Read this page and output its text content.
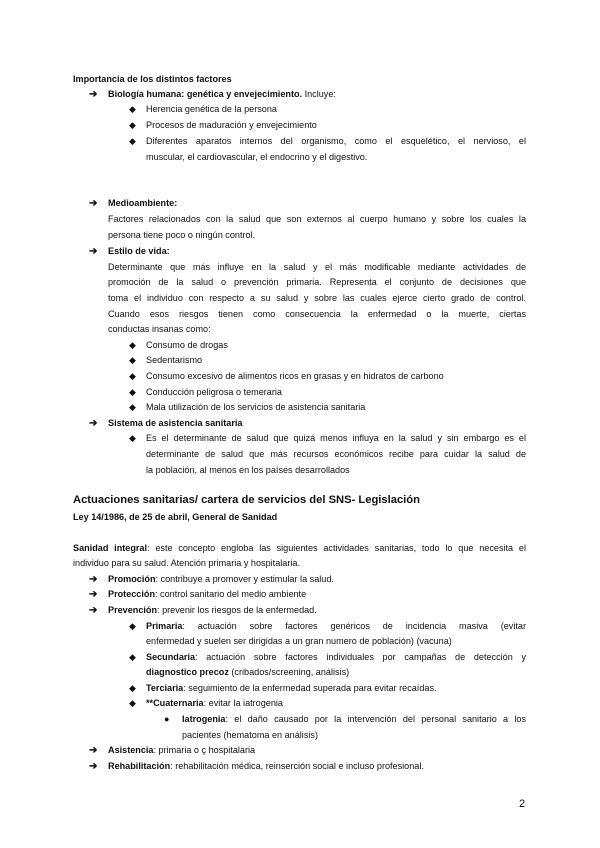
Importancia de los distintos factores
➔ Biología humana: genética y envejecimiento. Incluye:
◆ Herencia genética de la persona
◆ Procesos de maduración y envejecimiento
◆ Diferentes aparatos internos del organismo, como el esquelético, el nervioso, el
muscular, el cardiovascular, el endocrino y el digestivo.
➔ Medioambiente:
Factores relacionados con la salud que son externos al cuerpo humano y sobre los cuales la
persona tiene poco o ningún control.
➔ Estilo de vida:
Determinante que más influye en la salud y el más modificable mediante actividades de
promoción de la salud o prevención primaria. Representa el conjunto de decisiones que
toma el individuo con respecto a su salud y sobre las cuales ejerce cierto grado de control.
Cuando esos riesgos tienen como consecuencia la enfermedad o la muerte, ciertas
conductas insanas como:
◆ Consumo de drogas
◆ Sedentarismo
◆ Consumo excesivo de alimentos ricos en grasas y en hidratos de carbono
◆ Conducción peligrosa o temeraria
◆ Mala utilización de los servicios de asistencia sanitaria
➔ Sistema de asistencia sanitaria
◆ Es el determinante de salud que quizá menos influya en la salud y sin embargo es el
determinante de salud que más recursos económicos recibe para cuidar la salud de
la población, al menos en los países desarrollados
Actuaciones sanitarias/ cartera de servicios del SNS- Legislación
Ley 14/1986, de 25 de abril, General de Sanidad
Sanidad integral: este concepto engloba las siguientes actividades sanitarias, todo lo que necesita el
individuo para su salud. Atención primaria y hospitalaria.
➔ Promoción: contribuye a promover y estimular la salud.
➔ Protección: control sanitario del medio ambiente
➔ Prevención: prevenir los riesgos de la enfermedad.
◆ Primaria: actuación sobre factores genéricos de incidencia masiva (evitar
enfermedad y suelen ser dirigidas a un gran numero de población) (vacuna)
◆ Secundaria: actuación sobre factores individuales por campañas de detección y
diagnostico precoz (cribados/screening, análisis)
◆ Terciaria: seguimiento de la enfermedad superada para evitar recaídas.
◆ **Cuaternaria: evitar la iatrogenia
● Iatrogenia: el daño causado por la intervención del personal sanitario a los
pacientes (hematoma en análisis)
➔ Asistencia: primaria o ç hospitalaria
➔ Rehabilitación: rehabilitación médica, reinserción social e incluso profesional.
2
